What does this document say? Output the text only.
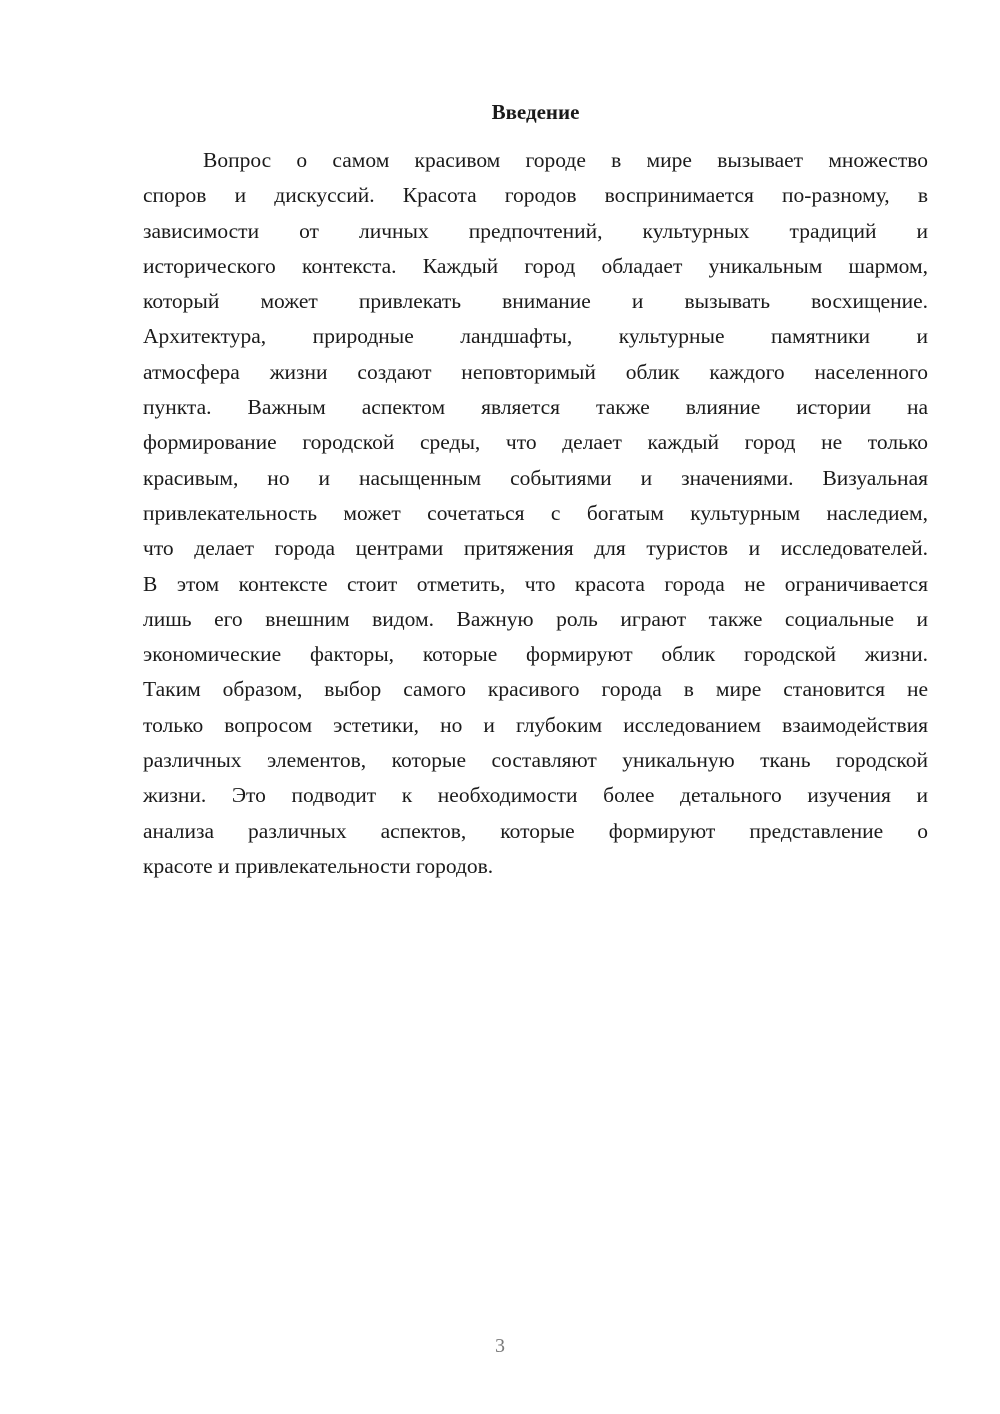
Введение
Вопрос о самом красивом городе в мире вызывает множество
споров и дискуссий. Красота городов воспринимается по-разному, в
зависимости от личных предпочтений, культурных традиций и
исторического контекста. Каждый город обладает уникальным шармом,
который может привлекать внимание и вызывать восхищение.
Архитектура, природные ландшафты, культурные памятники и
атмосфера жизни создают неповторимый облик каждого населенного
пункта. Важным аспектом является также влияние истории на
формирование городской среды, что делает каждый город не только
красивым, но и насыщенным событиями и значениями. Визуальная
привлекательность может сочетаться с богатым культурным наследием,
что делает города центрами притяжения для туристов и исследователей.
В этом контексте стоит отметить, что красота города не ограничивается
лишь его внешним видом. Важную роль играют также социальные и
экономические факторы, которые формируют облик городской жизни.
Таким образом, выбор самого красивого города в мире становится не
только вопросом эстетики, но и глубоким исследованием взаимодействия
различных элементов, которые составляют уникальную ткань городской
жизни. Это подводит к необходимости более детального изучения и
анализа различных аспектов, которые формируют представление о
красоте и привлекательности городов.
3
